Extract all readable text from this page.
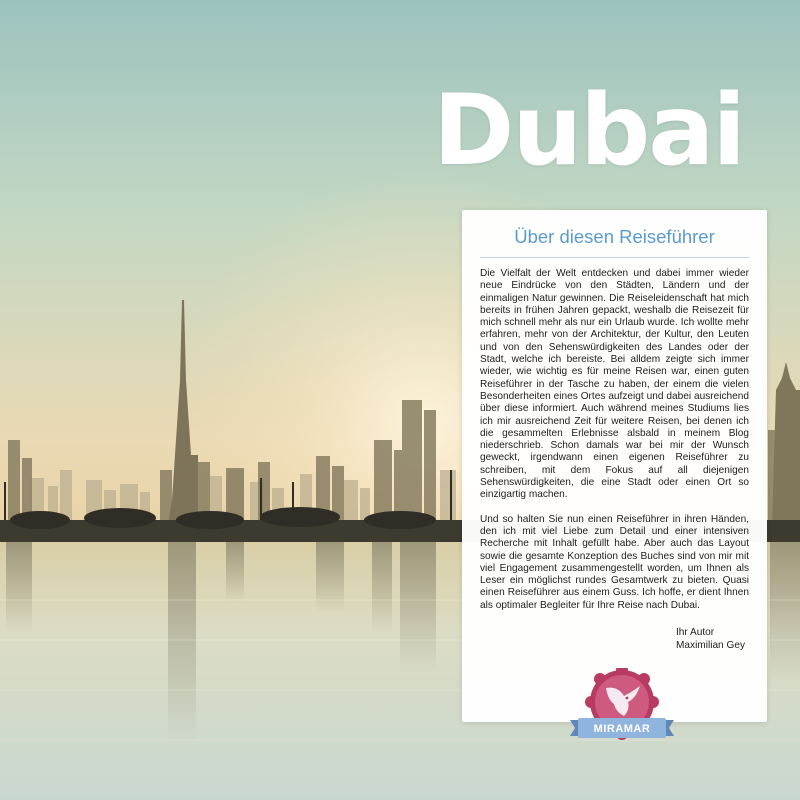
Dubai
Über diesen Reiseführer

Die Vielfalt der Welt entdecken und dabei immer wieder neue Eindrücke von den Städten, Ländern und der einmaligen Natur gewinnen. Die Reiseleidenschaft hat mich bereits in frühen Jahren gepackt, weshalb die Reisezeit für mich schnell mehr als nur ein Urlaub wurde. Ich wollte mehr erfahren, mehr von der Architektur, der Kultur, den Leuten und von den Sehenswürdigkeiten des Landes oder der Stadt, welche ich bereiste. Bei alldem zeigte sich immer wieder, wie wichtig es für meine Reisen war, einen guten Reiseführer in der Tasche zu haben, der einem die vielen Besonderheiten eines Ortes aufzeigt und dabei ausreichend über diese informiert. Auch während meines Studiums lies ich mir ausreichend Zeit für weitere Reisen, bei denen ich die gesammelten Erlebnisse alsbald in meinem Blog niederschrieb. Schon damals war bei mir der Wunsch geweckt, irgendwann einen eigenen Reiseführer zu schreiben, mit dem Fokus auf all diejenigen Sehenswürdigkeiten, die eine Stadt oder einen Ort so einzigartig machen.

Und so halten Sie nun einen Reiseführer in ihren Händen, den ich mit viel Liebe zum Detail und einer intensiven Recherche mit Inhalt gefüllt habe. Aber auch das Layout sowie die gesamte Konzeption des Buches sind von mir mit viel Engagement zusammengestellt worden, um Ihnen als Leser ein möglichst rundes Gesamtwerk zu bieten. Quasi einen Reiseführer aus einem Guss. Ich hoffe, er dient Ihnen als optimaler Begleiter für Ihre Reise nach Dubai.

Ihr Autor
Maximilian Gey
MIRAMAR
